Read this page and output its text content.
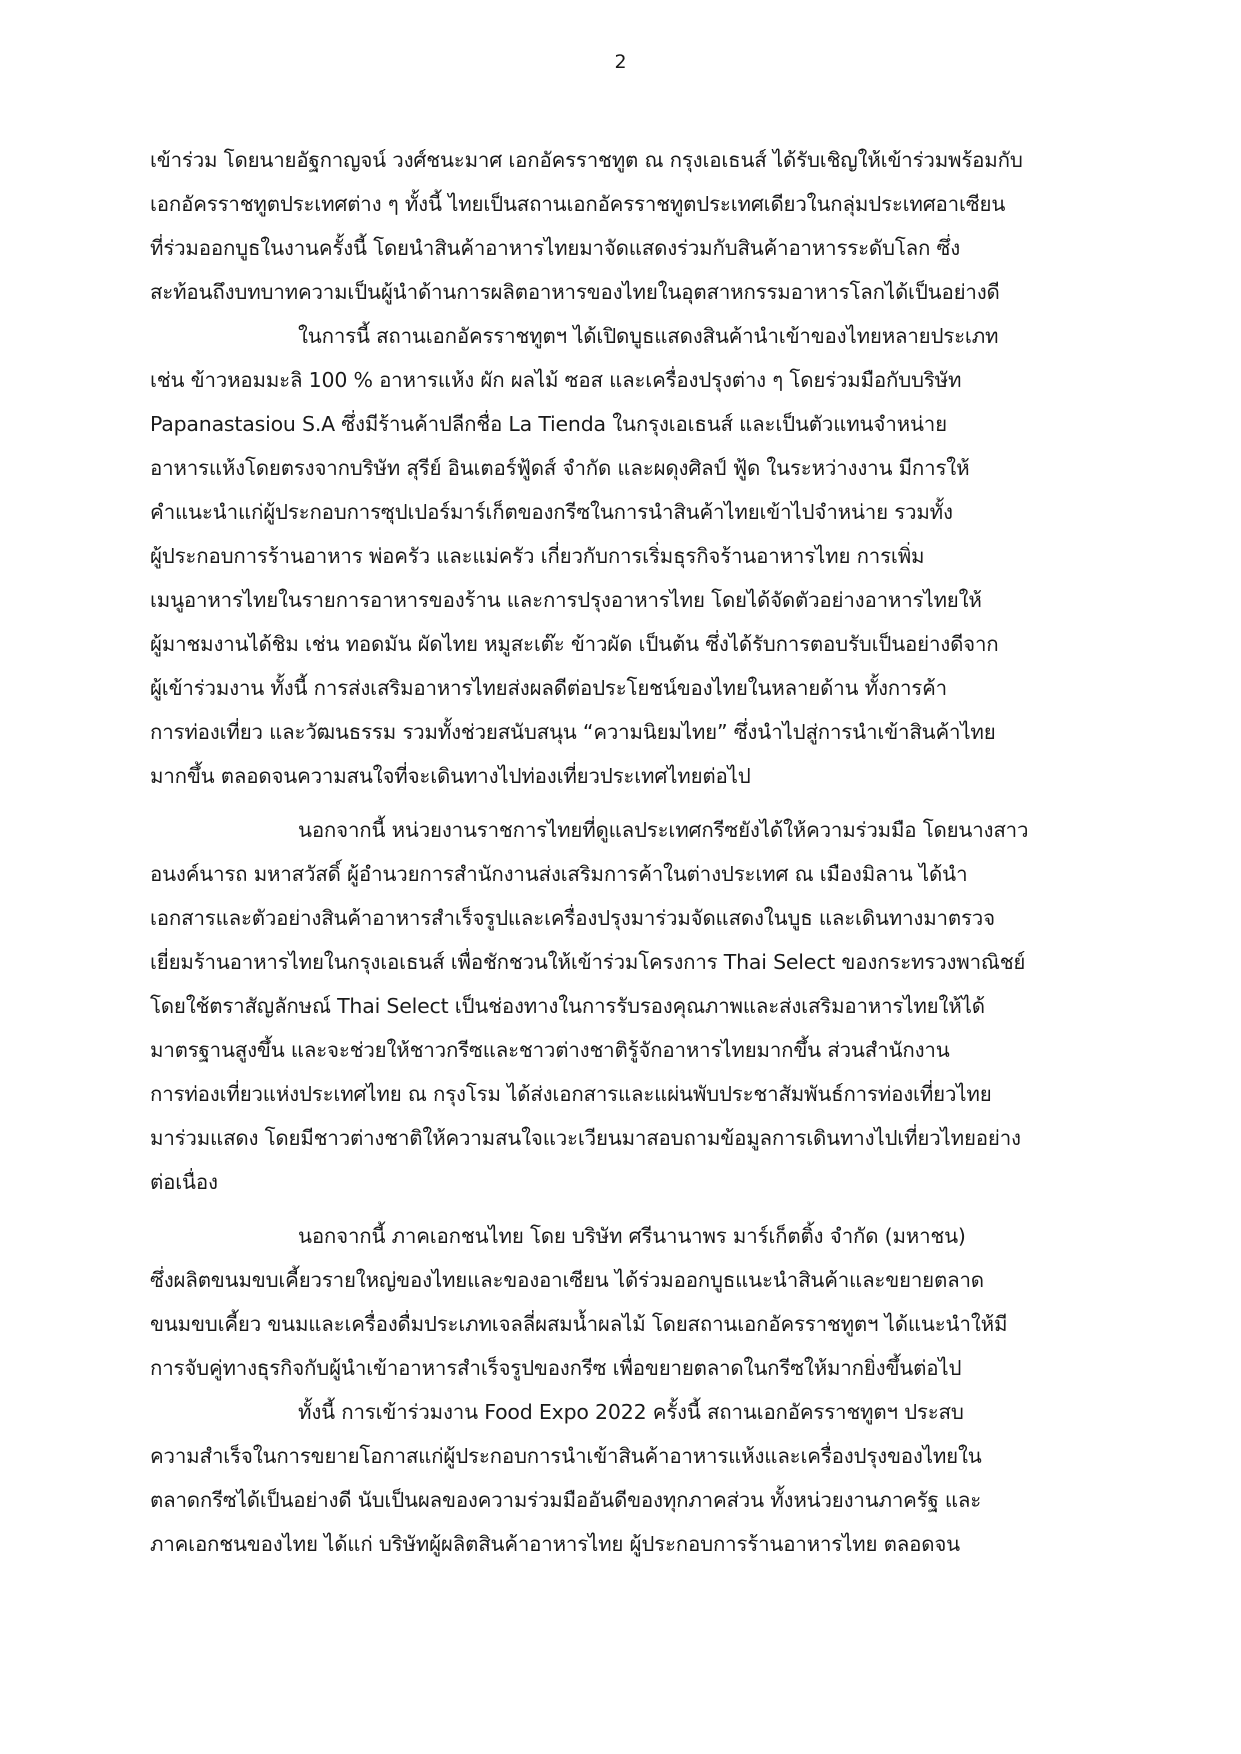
2
เข้าร่วม โดยนายอัฐกาญจน์ วงศ์ชนะมาศ เอกอัครราชทูต ณ กรุงเอเธนส์ ได้รับเชิญให้เข้าร่วมพร้อมกับ
เอกอัครราชทูตประเทศต่าง ๆ ทั้งนี้ ไทยเป็นสถานเอกอัครราชทูตประเทศเดียวในกลุ่มประเทศอาเซียน
ที่ร่วมออกบูธในงานครั้งนี้ โดยนำสินค้าอาหารไทยมาจัดแสดงร่วมกับสินค้าอาหารระดับโลก ซึ่ง
สะท้อนถึงบทบาทความเป็นผู้นำด้านการผลิตอาหารของไทยในอุตสาหกรรมอาหารโลกได้เป็นอย่างดี
ในการนี้ สถานเอกอัครราชทูตฯ ได้เปิดบูธแสดงสินค้านำเข้าของไทยหลายประเภท
เช่น ข้าวหอมมะลิ 100 % อาหารแห้ง ผัก ผลไม้ ซอส และเครื่องปรุงต่าง ๆ โดยร่วมมือกับบริษัท
Papanastasiou S.A ซึ่งมีร้านค้าปลีกชื่อ La Tienda ในกรุงเอเธนส์ และเป็นตัวแทนจำหน่าย
อาหารแห้งโดยตรงจากบริษัท สุรีย์ อินเตอร์ฟู้ดส์ จำกัด และผดุงศิลป์ ฟู้ด ในระหว่างงาน มีการให้
คำแนะนำแก่ผู้ประกอบการซุปเปอร์มาร์เก็ตของกรีซในการนำสินค้าไทยเข้าไปจำหน่าย รวมทั้ง
ผู้ประกอบการร้านอาหาร พ่อครัว และแม่ครัว เกี่ยวกับการเริ่มธุรกิจร้านอาหารไทย การเพิ่ม
เมนูอาหารไทยในรายการอาหารของร้าน และการปรุงอาหารไทย โดยได้จัดตัวอย่างอาหารไทยให้
ผู้มาชมงานได้ชิม เช่น ทอดมัน ผัดไทย หมูสะเต๊ะ ข้าวผัด เป็นต้น ซึ่งได้รับการตอบรับเป็นอย่างดีจาก
ผู้เข้าร่วมงาน ทั้งนี้ การส่งเสริมอาหารไทยส่งผลดีต่อประโยชน์ของไทยในหลายด้าน ทั้งการค้า
การท่องเที่ยว และวัฒนธรรม รวมทั้งช่วยสนับสนุน “ความนิยมไทย” ซึ่งนำไปสู่การนำเข้าสินค้าไทย
มากขึ้น ตลอดจนความสนใจที่จะเดินทางไปท่องเที่ยวประเทศไทยต่อไป
นอกจากนี้ หน่วยงานราชการไทยที่ดูแลประเทศกรีซยังได้ให้ความร่วมมือ โดยนางสาว
อนงค์นารถ มหาสวัสดิ์ ผู้อำนวยการสำนักงานส่งเสริมการค้าในต่างประเทศ ณ เมืองมิลาน ได้นำ
เอกสารและตัวอย่างสินค้าอาหารสำเร็จรูปและเครื่องปรุงมาร่วมจัดแสดงในบูธ และเดินทางมาตรวจ
เยี่ยมร้านอาหารไทยในกรุงเอเธนส์ เพื่อชักชวนให้เข้าร่วมโครงการ Thai Select ของกระทรวงพาณิชย์
โดยใช้ตราสัญลักษณ์ Thai Select เป็นช่องทางในการรับรองคุณภาพและส่งเสริมอาหารไทยให้ได้
มาตรฐานสูงขึ้น และจะช่วยให้ชาวกรีซและชาวต่างชาติรู้จักอาหารไทยมากขึ้น ส่วนสำนักงาน
การท่องเที่ยวแห่งประเทศไทย ณ กรุงโรม ได้ส่งเอกสารและแผ่นพับประชาสัมพันธ์การท่องเที่ยวไทย
มาร่วมแสดง โดยมีชาวต่างชาติให้ความสนใจแวะเวียนมาสอบถามข้อมูลการเดินทางไปเที่ยวไทยอย่าง
ต่อเนื่อง
นอกจากนี้ ภาคเอกชนไทย โดย บริษัท ศรีนานาพร มาร์เก็ตติ้ง จำกัด (มหาชน)
ซึ่งผลิตขนมขบเคี้ยวรายใหญ่ของไทยและของอาเซียน ได้ร่วมออกบูธแนะนำสินค้าและขยายตลาด
ขนมขบเคี้ยว ขนมและเครื่องดื่มประเภทเจลลี่ผสมน้ำผลไม้ โดยสถานเอกอัครราชทูตฯ ได้แนะนำให้มี
การจับคู่ทางธุรกิจกับผู้นำเข้าอาหารสำเร็จรูปของกรีซ เพื่อขยายตลาดในกรีซให้มากยิ่งขึ้นต่อไป
ทั้งนี้ การเข้าร่วมงาน Food Expo 2022 ครั้งนี้ สถานเอกอัครราชทูตฯ ประสบ
ความสำเร็จในการขยายโอกาสแก่ผู้ประกอบการนำเข้าสินค้าอาหารแห้งและเครื่องปรุงของไทยใน
ตลาดกรีซได้เป็นอย่างดี นับเป็นผลของความร่วมมืออันดีของทุกภาคส่วน ทั้งหน่วยงานภาครัฐ และ
ภาคเอกชนของไทย ได้แก่ บริษัทผู้ผลิตสินค้าอาหารไทย ผู้ประกอบการร้านอาหารไทย ตลอดจน
